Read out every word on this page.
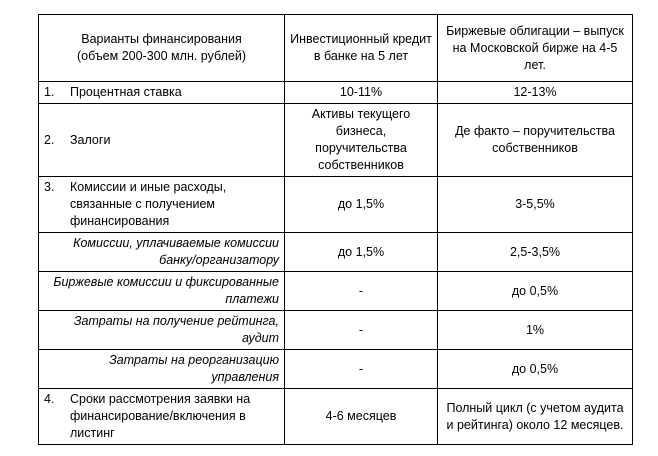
Варианты финансирования (объем 200-300 млн. рублей)	Инвестиционный кредит в банке на 5 лет	Биржевые облигации – выпуск на Московской бирже на 4-5 лет.

1. Процентная ставка	10-11%	12-13%

2. Залоги	Активы текущего бизнеса, поручительства собственников	Де факто – поручительства собственников

3. Комиссии и иные расходы, связанные с получением финансирования	до 1,5%	3-5,5%
Комиссии, уплачиваемые комиссии банку/организатору	до 1,5%	2,5-3,5%
Биржевые комиссии и фиксированные платежи	-	до 0,5%
Затраты на получение рейтинга, аудит	-	1%
Затраты на реорганизацию управления	-	до 0,5%

4. Сроки рассмотрения заявки на финансирование/включения в листинг	4-6 месяцев	Полный цикл (с учетом аудита и рейтинга) около 12 месяцев.
